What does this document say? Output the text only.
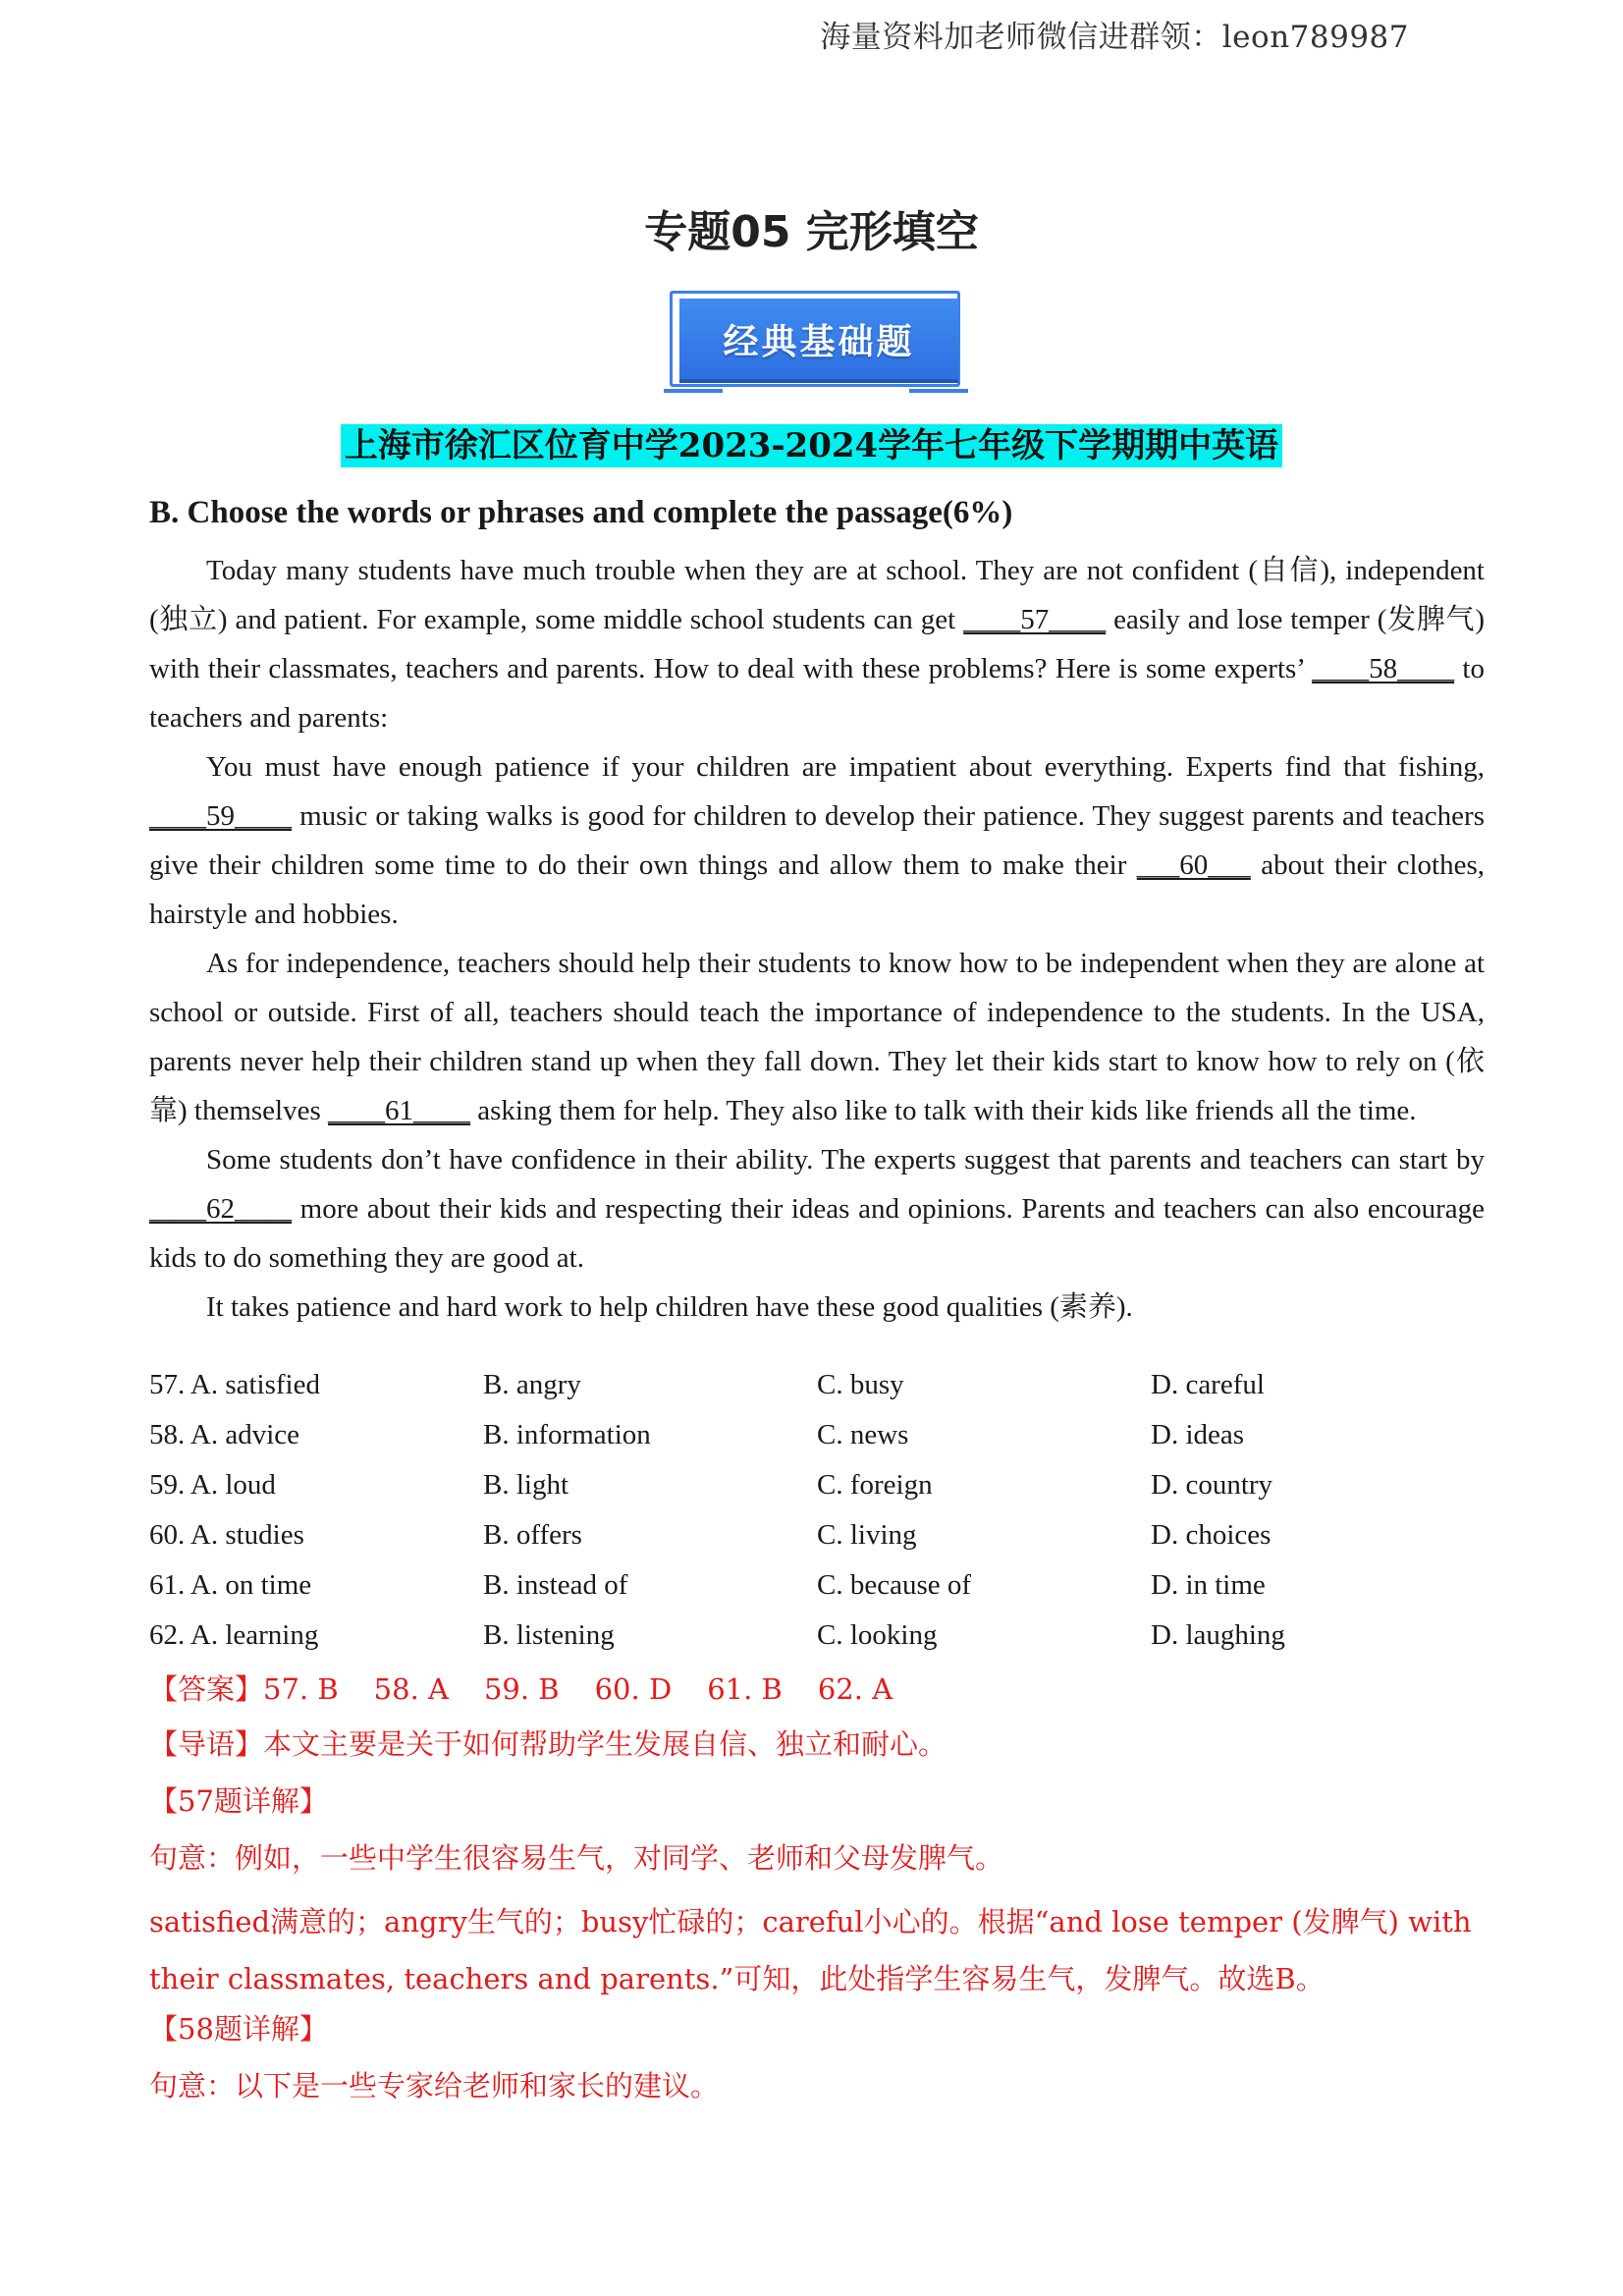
海量资料加老师微信进群领：leon789987
专题05 完形填空
经典基础题
上海市徐汇区位育中学2023-2024学年七年级下学期期中英语
B. Choose the words or phrases and complete the passage(6%)

Today many students have much trouble when they are at school. They are not confident (自信), independent (独立) and patient. For example, some middle school students can get ____57____ easily and lose temper (发脾气) with their classmates, teachers and parents. How to deal with these problems? Here is some experts’ ____58____ to teachers and parents:

You must have enough patience if your children are impatient about everything. Experts find that fishing, ____59____ music or taking walks is good for children to develop their patience. They suggest parents and teachers give their children some time to do their own things and allow them to make their ___60___ about their clothes, hairstyle and hobbies.

As for independence, teachers should help their students to know how to be independent when they are alone at school or outside. First of all, teachers should teach the importance of independence to the students. In the USA, parents never help their children stand up when they fall down. They let their kids start to know how to rely on (依靠) themselves ____61____ asking them for help. They also like to talk with their kids like friends all the time.

Some students don’t have confidence in their ability. The experts suggest that parents and teachers can start by ____62____ more about their kids and respecting their ideas and opinions. Parents and teachers can also encourage kids to do something they are good at.

It takes patience and hard work to help children have these good qualities (素养).

57. A. satisfied	B. angry	C. busy	D. careful
58. A. advice	B. information	C. news	D. ideas
59. A. loud	B. light	C. foreign	D. country
60. A. studies	B. offers	C. living	D. choices
61. A. on time	B. instead of	C. because of	D. in time
62. A. learning	B. listening	C. looking	D. laughing
【答案】57. B 58. A 59. B 60. D 61. B 62. A
【导语】本文主要是关于如何帮助学生发展自信、独立和耐心。
【57题详解】
句意：例如，一些中学生很容易生气，对同学、老师和父母发脾气。
satisfied满意的；angry生气的；busy忙碌的；careful小心的。根据“and lose temper (发脾气) with their classmates, teachers and parents.”可知，此处指学生容易生气，发脾气。故选B。
【58题详解】
句意：以下是一些专家给老师和家长的建议。
